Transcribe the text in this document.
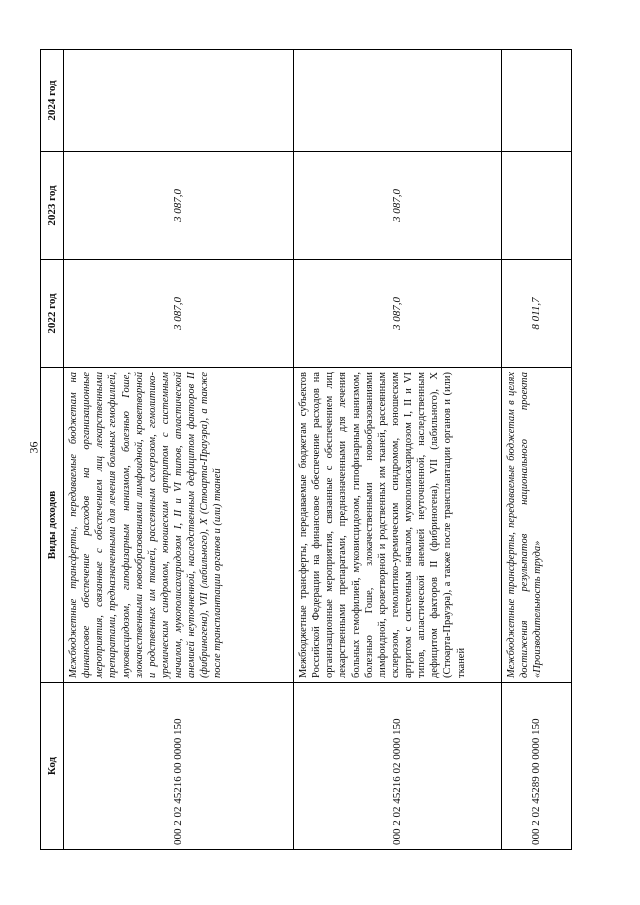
36
Код	Виды доходов	2022 год	2023 год	2024 год
000 2 02 45216 00 0000 150	Межбюджетные трансферты, передаваемые бюджетам на финансовое обеспечение расходов на организационные мероприятия, связанные с обеспечением лиц лекарственными препаратами, предназначенными для лечения больных гемофилией, муковисцидозом, гипофизарным нанизмом, болезнью Гоше, злокачественными новообразованиями лимфоидной, кроветворной и родственных им тканей, рассеянным склерозом, гемолитико-уремическим синдромом, юношеским артритом с системным началом, мукополисахаридозом I, II и VI типов, апластической анемией неуточненной, наследственным дефицитом факторов II (фибриногена), VII (лабильного), X (Стюарта-Прауэра), а также после трансплантации органов и (или) тканей	3 087,0	3 087,0	
000 2 02 45216 02 0000 150	Межбюджетные трансферты, передаваемые бюджетам субъектов Российской Федерации на финансовое обеспечение расходов на организационные мероприятия, связанные с обеспечением лиц лекарственными препаратами, предназначенными для лечения больных гемофилией, муковисцидозом, гипофизарным нанизмом, болезнью Гоше, злокачественными новообразованиями лимфоидной, кроветворной и родственных им тканей, рассеянным склерозом, гемолитико-уремическим синдромом, юношеским артритом с системным началом, мукополисахаридозом I, II и VI типов, апластической анемией неуточненной, наследственным дефицитом факторов II (фибриногена), VII (лабильного), X (Стюарта-Прауэра), а также после трансплантации органов и (или) тканей	3 087,0	3 087,0	
000 2 02 45289 00 0000 150	Межбюджетные трансферты, передаваемые бюджетам в целях достижения результатов национального проекта «Производительность труда»	8 011,7		
